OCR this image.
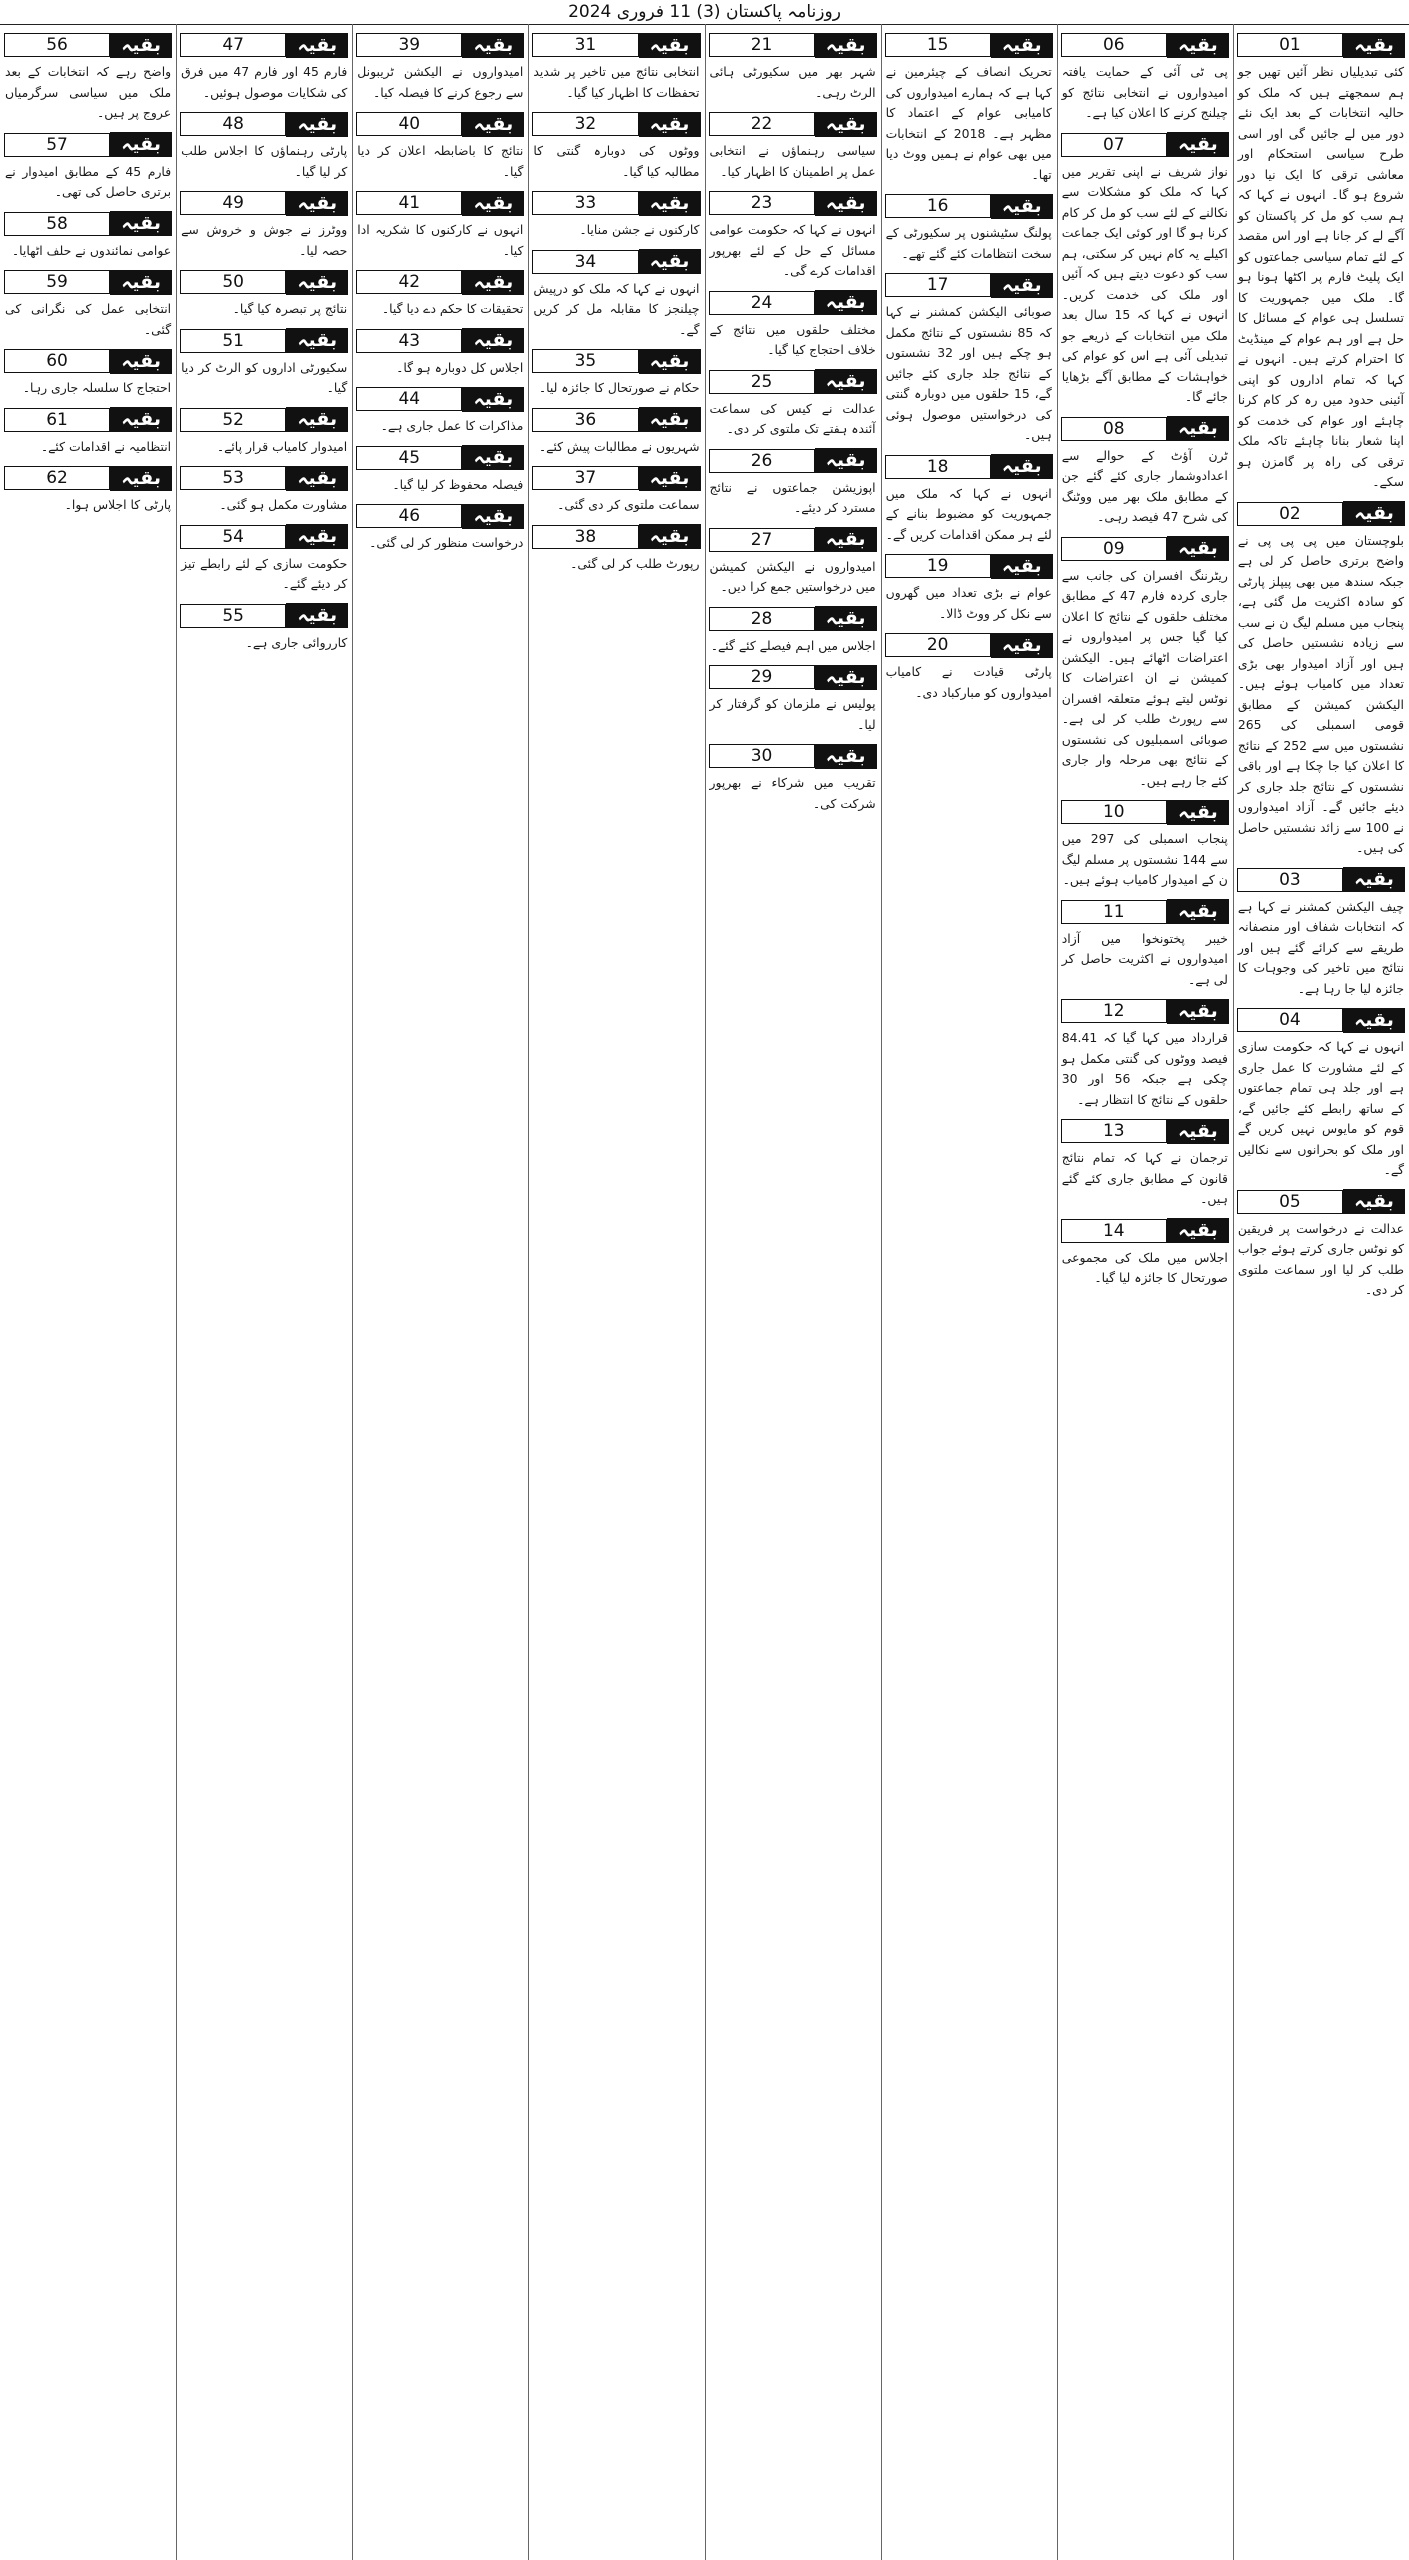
روزنامہ پاکستان (3) 11 فروری 2024
01	بقیہ

کئی تبدیلیاں نظر آئیں تھیں جو ہم سمجھتے ہیں کہ ملک کو حالیہ انتخابات کے بعد ایک نئے دور میں لے جائیں گی اور اسی طرح سیاسی استحکام اور معاشی ترقی کا ایک نیا دور شروع ہو گا۔ انہوں نے کہا کہ ہم سب کو مل کر پاکستان کو آگے لے کر جانا ہے اور اس مقصد کے لئے تمام سیاسی جماعتوں کو ایک پلیٹ فارم پر اکٹھا ہونا ہو گا۔ ملک میں جمہوریت کا تسلسل ہی عوام کے مسائل کا حل ہے اور ہم عوام کے مینڈیٹ کا احترام کرتے ہیں۔ انہوں نے کہا کہ تمام اداروں کو اپنی آئینی حدود میں رہ کر کام کرنا چاہئے اور عوام کی خدمت کو اپنا شعار بنانا چاہئے تاکہ ملک ترقی کی راہ پر گامزن ہو سکے۔

02	بقیہ

بلوچستان میں پی پی پی نے واضح برتری حاصل کر لی ہے جبکہ سندھ میں بھی پیپلز پارٹی کو سادہ اکثریت مل گئی ہے، پنجاب میں مسلم لیگ ن نے سب سے زیادہ نشستیں حاصل کی ہیں اور آزاد امیدوار بھی بڑی تعداد میں کامیاب ہوئے ہیں۔ الیکشن کمیشن کے مطابق قومی اسمبلی کی 265 نشستوں میں سے 252 کے نتائج کا اعلان کیا جا چکا ہے اور باقی نشستوں کے نتائج جلد جاری کر دیئے جائیں گے۔ آزاد امیدواروں نے 100 سے زائد نشستیں حاصل کی ہیں۔

03	بقیہ

چیف الیکشن کمشنر نے کہا ہے کہ انتخابات شفاف اور منصفانہ طریقے سے کرائے گئے ہیں اور نتائج میں تاخیر کی وجوہات کا جائزہ لیا جا رہا ہے۔

04	بقیہ

انہوں نے کہا کہ حکومت سازی کے لئے مشاورت کا عمل جاری ہے اور جلد ہی تمام جماعتوں کے ساتھ رابطے کئے جائیں گے، قوم کو مایوس نہیں کریں گے اور ملک کو بحرانوں سے نکالیں گے۔

05	بقیہ

عدالت نے درخواست پر فریقین کو نوٹس جاری کرتے ہوئے جواب طلب کر لیا اور سماعت ملتوی کر دی۔

06	بقیہ

پی ٹی آئی کے حمایت یافتہ امیدواروں نے انتخابی نتائج کو چیلنج کرنے کا اعلان کیا ہے۔

07	بقیہ

نواز شریف نے اپنی تقریر میں کہا کہ ملک کو مشکلات سے نکالنے کے لئے سب کو مل کر کام کرنا ہو گا اور کوئی ایک جماعت اکیلے یہ کام نہیں کر سکتی، ہم سب کو دعوت دیتے ہیں کہ آئیں اور ملک کی خدمت کریں۔ انہوں نے کہا کہ 15 سال بعد ملک میں انتخابات کے ذریعے جو تبدیلی آئی ہے اس کو عوام کی خواہشات کے مطابق آگے بڑھایا جائے گا۔

08	بقیہ

ٹرن آؤٹ کے حوالے سے اعدادوشمار جاری کئے گئے جن کے مطابق ملک بھر میں ووٹنگ کی شرح 47 فیصد رہی۔

09	بقیہ

ریٹرننگ افسران کی جانب سے جاری کردہ فارم 47 کے مطابق مختلف حلقوں کے نتائج کا اعلان کیا گیا جس پر امیدواروں نے اعتراضات اٹھائے ہیں۔ الیکشن کمیشن نے ان اعتراضات کا نوٹس لیتے ہوئے متعلقہ افسران سے رپورٹ طلب کر لی ہے۔ صوبائی اسمبلیوں کی نشستوں کے نتائج بھی مرحلہ وار جاری کئے جا رہے ہیں۔

10	بقیہ

پنجاب اسمبلی کی 297 میں سے 144 نشستوں پر مسلم لیگ ن کے امیدوار کامیاب ہوئے ہیں۔

11	بقیہ

خیبر پختونخوا میں آزاد امیدواروں نے اکثریت حاصل کر لی ہے۔

12	بقیہ

قرارداد میں کہا گیا کہ 84.41 فیصد ووٹوں کی گنتی مکمل ہو چکی ہے جبکہ 56 اور 30 حلقوں کے نتائج کا انتظار ہے۔

13	بقیہ

ترجمان نے کہا کہ تمام نتائج قانون کے مطابق جاری کئے گئے ہیں۔

14	بقیہ

اجلاس میں ملک کی مجموعی صورتحال کا جائزہ لیا گیا۔

15	بقیہ

تحریک انصاف کے چیئرمین نے کہا ہے کہ ہمارے امیدواروں کی کامیابی عوام کے اعتماد کا مظہر ہے۔ 2018 کے انتخابات میں بھی عوام نے ہمیں ووٹ دیا تھا۔

16	بقیہ

پولنگ سٹیشنوں پر سکیورٹی کے سخت انتظامات کئے گئے تھے۔

17	بقیہ

صوبائی الیکشن کمشنر نے کہا کہ 85 نشستوں کے نتائج مکمل ہو چکے ہیں اور 32 نشستوں کے نتائج جلد جاری کئے جائیں گے، 15 حلقوں میں دوبارہ گنتی کی درخواستیں موصول ہوئی ہیں۔

18	بقیہ

انہوں نے کہا کہ ملک میں جمہوریت کو مضبوط بنانے کے لئے ہر ممکن اقدامات کریں گے۔

19	بقیہ

عوام نے بڑی تعداد میں گھروں سے نکل کر ووٹ ڈالا۔

20	بقیہ

پارٹی قیادت نے کامیاب امیدواروں کو مبارکباد دی۔

21	بقیہ

شہر بھر میں سکیورٹی ہائی الرٹ رہی۔

22	بقیہ

سیاسی رہنماؤں نے انتخابی عمل پر اطمینان کا اظہار کیا۔

23	بقیہ

انہوں نے کہا کہ حکومت عوامی مسائل کے حل کے لئے بھرپور اقدامات کرے گی۔

24	بقیہ

مختلف حلقوں میں نتائج کے خلاف احتجاج کیا گیا۔

25	بقیہ

عدالت نے کیس کی سماعت آئندہ ہفتے تک ملتوی کر دی۔

26	بقیہ

اپوزیشن جماعتوں نے نتائج مسترد کر دیئے۔

27	بقیہ

امیدواروں نے الیکشن کمیشن میں درخواستیں جمع کرا دیں۔

28	بقیہ

اجلاس میں اہم فیصلے کئے گئے۔

29	بقیہ

پولیس نے ملزمان کو گرفتار کر لیا۔

30	بقیہ

تقریب میں شرکاء نے بھرپور شرکت کی۔

31	بقیہ

انتخابی نتائج میں تاخیر پر شدید تحفظات کا اظہار کیا گیا۔

32	بقیہ

ووٹوں کی دوبارہ گنتی کا مطالبہ کیا گیا۔

33	بقیہ

کارکنوں نے جشن منایا۔

34	بقیہ

انہوں نے کہا کہ ملک کو درپیش چیلنجز کا مقابلہ مل کر کریں گے۔

35	بقیہ

حکام نے صورتحال کا جائزہ لیا۔

36	بقیہ

شہریوں نے مطالبات پیش کئے۔

37	بقیہ

سماعت ملتوی کر دی گئی۔

38	بقیہ

رپورٹ طلب کر لی گئی۔

39	بقیہ

امیدواروں نے الیکشن ٹریبونل سے رجوع کرنے کا فیصلہ کیا۔

40	بقیہ

نتائج کا باضابطہ اعلان کر دیا گیا۔

41	بقیہ

انہوں نے کارکنوں کا شکریہ ادا کیا۔

42	بقیہ

تحقیقات کا حکم دے دیا گیا۔

43	بقیہ

اجلاس کل دوبارہ ہو گا۔

44	بقیہ

مذاکرات کا عمل جاری ہے۔

45	بقیہ

فیصلہ محفوظ کر لیا گیا۔

46	بقیہ

درخواست منظور کر لی گئی۔

47	بقیہ

فارم 45 اور فارم 47 میں فرق کی شکایات موصول ہوئیں۔

48	بقیہ

پارٹی رہنماؤں کا اجلاس طلب کر لیا گیا۔

49	بقیہ

ووٹرز نے جوش و خروش سے حصہ لیا۔

50	بقیہ

نتائج پر تبصرہ کیا گیا۔

51	بقیہ

سکیورٹی اداروں کو الرٹ کر دیا گیا۔

52	بقیہ

امیدوار کامیاب قرار پائے۔

53	بقیہ

مشاورت مکمل ہو گئی۔

54	بقیہ

حکومت سازی کے لئے رابطے تیز کر دیئے گئے۔

55	بقیہ

کارروائی جاری ہے۔

56	بقیہ

واضح رہے کہ انتخابات کے بعد ملک میں سیاسی سرگرمیاں عروج پر ہیں۔

57	بقیہ

فارم 45 کے مطابق امیدوار نے برتری حاصل کی تھی۔

58	بقیہ

عوامی نمائندوں نے حلف اٹھایا۔

59	بقیہ

انتخابی عمل کی نگرانی کی گئی۔

60	بقیہ

احتجاج کا سلسلہ جاری رہا۔

61	بقیہ

انتظامیہ نے اقدامات کئے۔

62	بقیہ

پارٹی کا اجلاس ہوا۔
